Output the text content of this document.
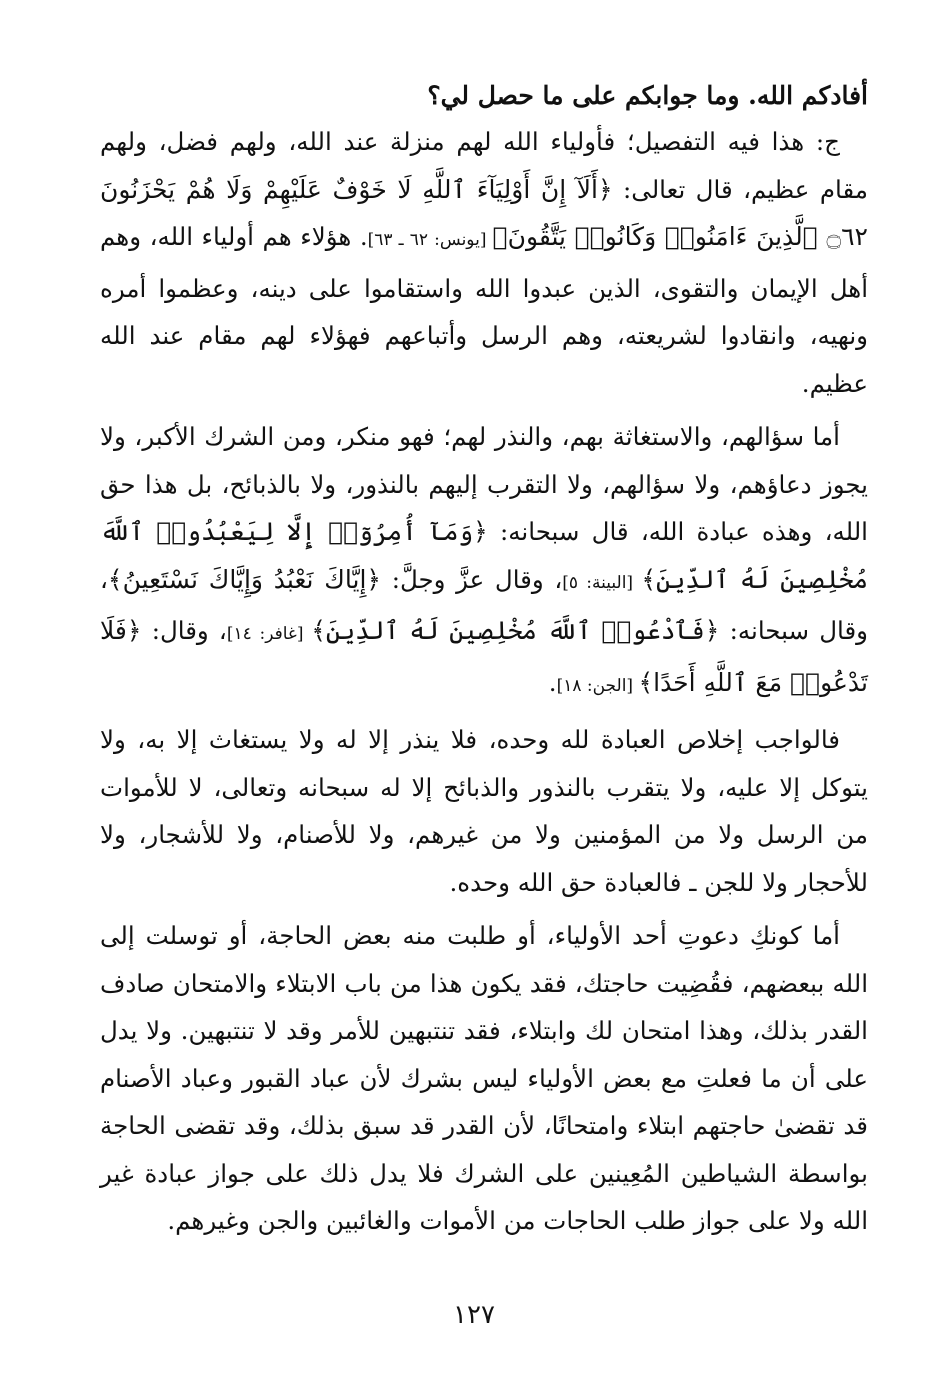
أفادكم الله. وما جوابكم على ما حصل لي؟

ج: هذا فيه التفصيل؛ فأولياء الله لهم منزلة عند الله، ولهم فضل، ولهم مقام عظيم، قال تعالى: ﴿أَلَآ إِنَّ أَوْلِيَآءَ ٱللَّهِ لَا خَوْفٌ عَلَيْهِمْ وَلَا هُمْ يَحْزَنُونَ ۝٦٢ ٱلَّذِينَ ءَامَنُوا۟ وَكَانُوا۟ يَتَّقُونَ﴾ [يونس: ٦٢ ـ ٦٣]. هؤلاء هم أولياء الله، وهم أهل الإيمان والتقوى، الذين عبدوا الله واستقاموا على دينه، وعظموا أمره ونهيه، وانقادوا لشريعته، وهم الرسل وأتباعهم فهؤلاء لهم مقام عند الله عظيم.

أما سؤالهم، والاستغاثة بهم، والنذر لهم؛ فهو منكر، ومن الشرك الأكبر، ولا يجوز دعاؤهم، ولا سؤالهم، ولا التقرب إليهم بالنذور، ولا بالذبائح، بل هذا حق الله، وهذه عبادة الله، قال سبحانه: ﴿وَمَآ أُمِرُوٓا۟ إِلَّا لِيَعْبُدُوا۟ ٱللَّهَ مُخْلِصِينَ لَهُ ٱلدِّينَ﴾ [البينة: ٥]، وقال عزَّ وجلَّ: ﴿إِيَّاكَ نَعْبُدُ وَإِيَّاكَ نَسْتَعِينُ﴾، وقال سبحانه: ﴿فَٱدْعُوا۟ ٱللَّهَ مُخْلِصِينَ لَهُ ٱلدِّينَ﴾ [غافر: ١٤]، وقال: ﴿فَلَا تَدْعُوا۟ مَعَ ٱللَّهِ أَحَدًا﴾ [الجن: ١٨].

فالواجب إخلاص العبادة لله وحده، فلا ينذر إلا له ولا يستغاث إلا به، ولا يتوكل إلا عليه، ولا يتقرب بالنذور والذبائح إلا له سبحانه وتعالى، لا للأموات من الرسل ولا من المؤمنين ولا من غيرهم، ولا للأصنام، ولا للأشجار، ولا للأحجار ولا للجن ـ فالعبادة حق الله وحده.

أما كونكِ دعوتِ أحد الأولياء، أو طلبت منه بعض الحاجة، أو توسلت إلى الله ببعضهم، فقُضِيت حاجتك، فقد يكون هذا من باب الابتلاء والامتحان صادف القدر بذلك، وهذا امتحان لك وابتلاء، فقد تنتبهين للأمر وقد لا تنتبهين. ولا يدل على أن ما فعلتِ مع بعض الأولياء ليس بشرك لأن عباد القبور وعباد الأصنام قد تقضىٰ حاجتهم ابتلاء وامتحانًا، لأن القدر قد سبق بذلك، وقد تقضى الحاجة بواسطة الشياطين المُعِينين على الشرك فلا يدل ذلك على جواز عبادة غير الله ولا على جواز طلب الحاجات من الأموات والغائبين والجن وغيرهم.

١٢٧
